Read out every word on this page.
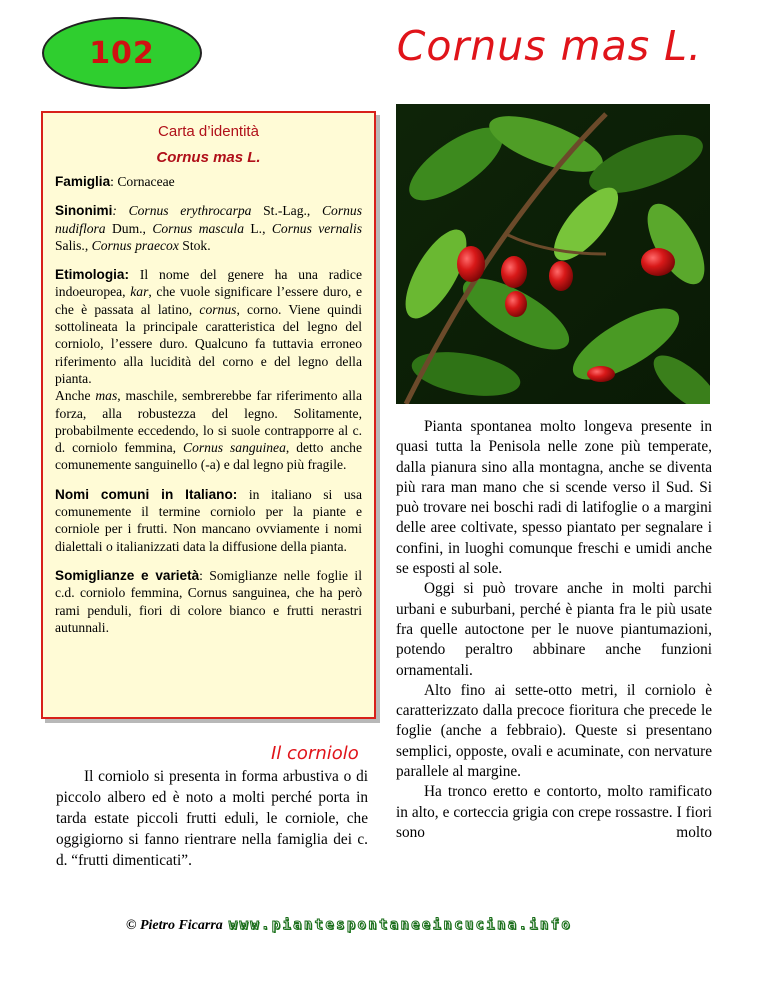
102	Cornus mas L.
Carta d’identità
Cornus mas L.

Famiglia: Cornaceae

Sinonimi: Cornus erythrocarpa St.-Lag., Cornus nudiflora Dum., Cornus mascula L., Cornus vernalis Salis., Cornus praecox Stok.

Etimologia: Il nome del genere ha una radice indoeuropea, kar, che vuole significare l’essere duro, e che è passata al latino, cornus, corno. Viene quindi sottolineata la principale caratteristica del legno del corniolo, l’essere duro. Qualcuno fa tuttavia erroneo riferimento alla lucidità del corno e del legno della pianta.
Anche mas, maschile, sembrerebbe far riferimento alla forza, alla robustezza del legno. Solitamente, probabilmente eccedendo, lo si suole contrapporre al c. d. corniolo femmina, Cornus sanguinea, detto anche comunemente sanguinello (-a) e dal legno più fragile.

Nomi comuni in Italiano: in italiano si usa comunemente il termine corniolo per la piante e corniole per i frutti. Non mancano ovviamente i nomi dialettali o italianizzati data la diffusione della pianta.

Somiglianze e varietà: Somiglianze nelle foglie il c.d. corniolo femmina, Cornus sanguinea, che ha però rami penduli, fiori di colore bianco e frutti nerastri autunnali.

Il corniolo

Il corniolo si presenta in forma arbustiva o di piccolo albero ed è noto a molti perché porta in tarda estate piccoli frutti eduli, le corniole, che oggigiorno si fanno rientrare nella famiglia dei c. d. “frutti dimenticati”.

Pianta spontanea molto longeva presente in quasi tutta la Penisola nelle zone più temperate, dalla pianura sino alla montagna, anche se diventa più rara man mano che si scende verso il Sud. Si può trovare nei boschi radi di latifoglie o a margini delle aree coltivate, spesso piantato per segnalare i confini, in luoghi comunque freschi e umidi anche se esposti al sole.

Oggi si può trovare anche in molti parchi urbani e suburbani, perché è pianta fra le più usate fra quelle autoctone per le nuove piantumazioni, potendo peraltro abbinare anche funzioni ornamentali.

Alto fino ai sette-otto metri, il corniolo è caratterizzato dalla precoce fioritura che precede le foglie (anche a febbraio). Queste si presentano semplici, opposte, ovali e acuminate, con nervature parallele al margine.

Ha tronco eretto e contorto, molto ramificato in alto, e corteccia grigia con crepe rossastre. I fiori sono molto

© Pietro Ficarra www.piantespontaneeincucina.info
